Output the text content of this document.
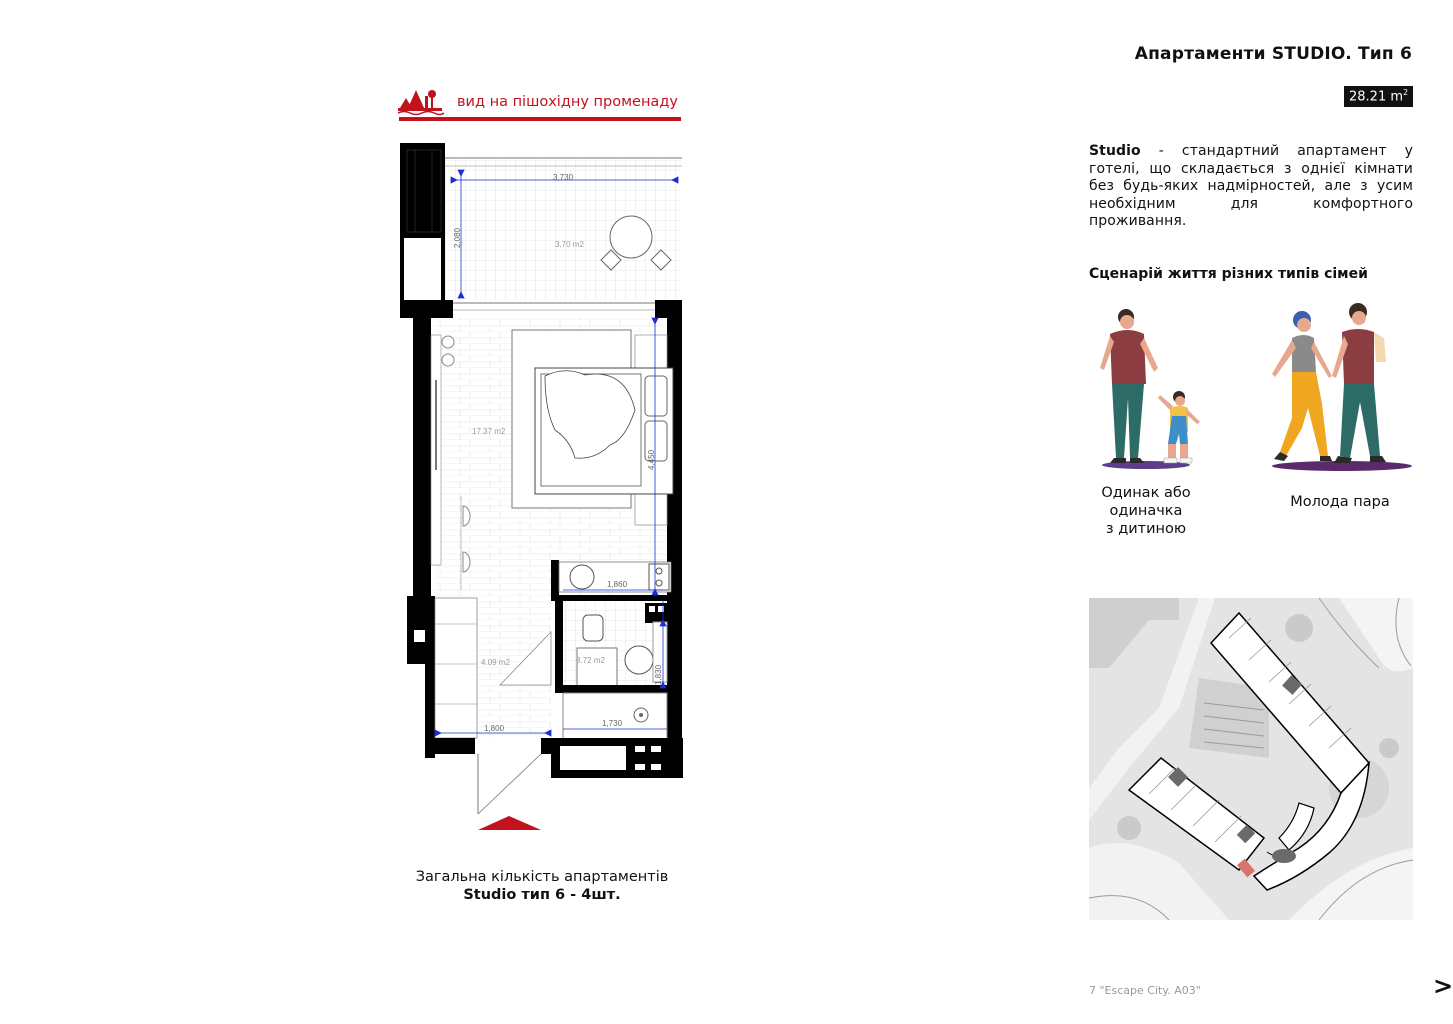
Апартаменти STUDIO. Тип 6
28.21 $m^2$
Studio - стандартний апартамент у готелі, що складається з однієї кімнати без будь-яких надмірностей, але з усим необхідним для комфортного проживання.
Сценарій життя різних типів сімей
Одинак або
одиначка
з дитиною
Молода пара
вид на пішохідну променаду
3,730
2,080
4,450
1,860
1,830
1,800
1,730
3.70 m2
17.37 m2
4.09 m2	3.72 m2
Загальна кількість апартаментів
Studio тип 6 - 4шт.
7 "Escape City. A03"	>
